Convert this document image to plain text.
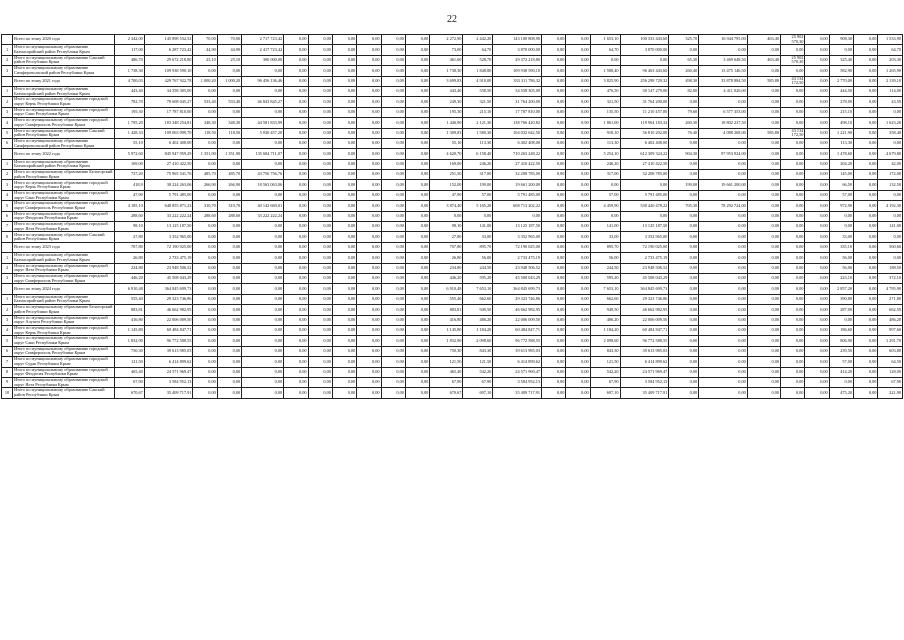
22
	Всего по этапу 2020 года	2 342,00	145 898 532,52	70,00	70,00	2 717 723,42	0,00	0,00	0,00	0,00	0,00	0,00	2 272,90	2 442,20	143 180 808,90	0,00	0,00	1 653,10	100 333 443,60	325,70	16 944 795,00	463,40	25 902 570,30	0,00	908,30	0,00	1 533,90
1	Итого по муниципальному образованию Бахчисарайский район Республики Крым	117,00	6 287 723,42	44,90	44,90	2 417 723,42	0,00	0,00	0,00	0,00	0,00	0,00	73,00	64,70	3 870 000,00	0,00	0,00	64,70	3 870 000,00	0,00	0,00	0,00	0,00	0,00	0,00	0,00	64,70
2	Итого по муниципальному образованию Сакский район Республики Крым	486,70	29 672 218,80	25,10	25,10	300 000,00	0,00	0,00	0,00	0,00	0,00	0,00	461,60	528,70	29 372 218,80	0,00	0,00	0,00	0,00	65,30	3 469 648,50	463,40	25 902 570,30	0,00	325,40	0,00	203,30
3	Итого по муниципальному образованию Симферопольский район Республики Крым	1 738,30	109 938 590,10	0,00	0,00	0,00	0,00	0,00	0,00	0,00	0,00	0,00	1 738,30	1 848,80	109 938 590,10	0,00	0,00	1 588,40	96 463 443,60	260,40	13 475 146,50	0,00	0,00	0,00	582,90	0,00	1 265,90
	Всего по этапу 2021 года	4 700,03	429 767 922,78	1 000,20	1 000,20	96 456 136,46	0,00	0,00	0,00	0,00	0,00	0,00	3 699,83	4 910,00	333 311 786,32	0,00	0,00	3 825,90	256 298 729,32	498,30	33 878 884,50	585,80	43 134 172,50	0,00	2 770,00	0,00	2 139,10
1	Итого по муниципальному образованию Бахчисарайский район Республики Крым	443,40	34 558 305,00	0,00	0,00	0,00	0,00	0,00	0,00	0,00	0,00	0,00	443,40	558,50	34 558 305,00	0,00	0,00	476,50	30 147 279,00	82,00	4 411 026,00	0,00	0,00	0,00	444,50	0,00	114,00
2	Итого по муниципальному образованию городской округ Керчь Республики Крым	782,70	78 608 045,27	533,40	533,40	46 843 845,27	0,00	0,00	0,00	0,00	0,00	0,00	249,30	321,50	31 764 200,00	0,00	0,00	321,50	31 764 200,00	0,00	0,00	0,00	0,00	0,00	278,00	0,00	43,50
3	Итого по муниципальному образованию городской округ Саки Республики Крым	195,30	17 787 810,00	0,00	0,00	0,00	0,00	0,00	0,00	0,00	0,00	0,00	195,30	215,10	17 787 810,00	0,00	0,00	135,50	11 210 457,00	79,60	6 577 353,00	0,00	0,00	0,00	215,10	0,00	0,00
4	Итого по муниципальному образованию городской округ Симферополь Республики Крым	1 795,20	183 348 254,81	348,30	348,30	44 581 833,99	0,00	0,00	0,00	0,00	0,00	0,00	1 446,90	2 121,30	138 766 420,82	0,00	0,90	1 861,00	119 964 183,32	260,30	18 802 237,50	0,00	0,00	0,00	498,10	0,00	1 623,20
5	Итого по муниципальному образованию Сакский район Республики Крым	1 428,33	109 063 099,70	118,50	118,50	5 030 457,20	0,00	0,00	0,00	0,00	0,00	0,00	1 309,83	1 580,30	104 032 642,50	0,00	0,00	918,10	56 810 202,00	76,40	4 088 268,00	585,80	43 134 172,50	0,00	1 221,90	0,00	358,40
6	Итого по муниципальному образованию Симферопольский район Республики Крым	55,10	6 402 408,00	0,00	0,00	0,00	0,00	0,00	0,00	0,00	0,00	0,00	55,10	113,30	6 402 408,00	0,00	0,00	113,30	6 402 408,00	0,00	0,00	0,00	0,00	0,00	113,30	0,00	0,00
	Всего по этапу 2022 года	5 972,60	845 947 959,29	1 351,90	1 351,90	135 684 711,07	0,00	0,00	0,00	0,00	0,00	0,00	4 620,70	6 158,40	710 263 248,22	0,00	0,00	5 254,10	612 309 324,22	904,30	97 953 924,00	0,00	0,00	0,00	1 478,60	0,00	4 679,80
1	Итого по муниципальному образованию Бахчисарайский район Республики Крым	169,00	27 410 422,50	0,00	0,00	0,00	0,00	0,00	0,00	0,00	0,00	0,00	169,00	246,20	27 410 422,50	0,00	0,00	246,20	27 410 422,50	0,00	0,00	0,00	0,00	0,00	204,20	0,00	42,00
2	Итого по муниципальному образованию Белогорский район Республики Крым	737,20	75 965 541,76	485,70	485,70	43 756 756,76	0,00	0,00	0,00	0,00	0,00	0,00	251,50	317,00	32 208 785,00	0,00	0,00	317,00	32 208 785,00	0,00	0,00	0,00	0,00	0,00	145,00	0,00	172,00
3	Итого по муниципальному образованию городской округ Керчь Республики Крым	418,9	38 224 263,06	266,90	266,90	18 563 063,06	0,00	0,00	0,00	0,00	0,00	0,00	152,00	199,00	19 661 200,00	0,00	0,00	0,00	0,00	199,00	19 661 200,00	0,00	0,00	0,00	66,50	0,00	132,50
4	Итого по муниципальному образованию городской округ Саки Республики Крым	47,90	5 791 485,00	0,00	0,00	0,00	0,00	0,00	0,00	0,00	0,00	0,00	47,90	57,00	5 791 485,00	0,00	0,00	57,00	5 791 485,00	0,00	0,00	0,00	0,00	0,00	57,00	0,00	0,00
5	Итого по муниципальному образованию городской округ Симферополь Республики Крым	4 185,10	648 855 871,23	310,70	310,70	40 142 669,01	0,00	0,00	0,00	0,00	0,00	0,00	3 874,40	5 165,20	608 713 202,22	0,00	0,00	4 459,90	530 420 478,22	705,30	78 292 724,00	0,00	0,00	0,00	972,90	0,00	4 192,30
6	Итого по муниципальному образованию городской округ Феодосия Республики Крым	288,60	33 222 222,24	288,60	288,60	33 222 222,24	0,00	0,00	0,00	0,00	0,00	0,00	0,00	0,00	0,00	0,00	0,00	0,00	0,00	0,00	0,00	0,00	0,00	0,00	0,00	0,00	0,00
7	Итого по муниципальному образованию городской округ Ялта Республики Крым	98,10	13 125 187,50	0,00	0,00	0,00	0,00	0,00	0,00	0,00	0,00	0,00	98,10	141,00	13 125 187,50	0,00	0,00	141,00	13 125 187,50	0,00	0,00	0,00	0,00	0,00	0,00	0,00	141,00
8	Итого по муниципальному образованию Сакский район Республики Крым	27,80	3 352 965,00	0,00	0,00	0,00	0,00	0,00	0,00	0,00	0,00	0,00	27,80	33,00	3 352 965,00	0,00	0,00	33,00	3 352 965,00	0,00	0,00	0,00	0,00	0,00	33,00	0,00	0,00
	Всего по этапу 2023 года	707,80	72 190 025,00	0,00	0,00	0,00	0,00	0,00	0,00	0,00	0,00	0,00	707,80	895,70	72 190 025,00	0,00	0,00	895,70	72 190 025,00	0,00	0,00	0,00	0,00	0,00	335,10	0,00	560,60
1	Итого по муниципальному образованию Бахчисарайский район Республики Крым	26,80	2 733 475,19	0,00	0,00	0,00	0,00	0,00	0,00	0,00	0,00	0,00	26,80	56,00	2 733 475,19	0,00	0,00	56,00	2 733 475,19	0,00	0,00	0,00	0,00	0,00	56,00	0,00	0,00
2	Итого по муниципальному образованию городской округ Ялта Республики Крым	234,80	23 948 506,52	0,00	0,00	0,00	0,00	0,00	0,00	0,00	0,00	0,00	234,80	244,50	23 948 506,52	0,00	0,00	244,50	23 948 506,52	0,00	0,00	0,00	0,00	0,00	56,00	0,00	188,50
3	Итого по муниципальному образованию городской округ Симферополь Республики Крым	446,20	45 508 043,29	0,00	0,00	0,00	0,00	0,00	0,00	0,00	0,00	0,00	446,20	595,20	45 508 043,29	0,00	0,00	595,20	45 508 043,29	0,00	0,00	0,00	0,00	0,00	223,10	0,00	372,10
	Всего по этапу 2024 года	6 910,48	364 845 699,73	0,00	0,00	0,00	0,00	0,00	0,00	0,00	0,00	0,00	6 910,48	7 653,10	364 845 699,73	0,00	0,00	7 653,10	364 845 699,73	0,00	0,00	0,00	0,00	0,00	2 857,20	0,00	4 795,90
1	Итого по муниципальному образованию Бахчисарайский район Республики Крым	555,40	29 323 746,86	0,00	0,00	0,00	0,00	0,00	0,00	0,00	0,00	0,00	555,40	662,60	29 323 746,86	0,00	0,00	662,60	29 323 746,86	0,00	0,00	0,00	0,00	0,00	390,80	0,00	271,80
2	Итого по муниципальному образованию Белогорский район Республики Крым	883,81	46 662 982,95	0,00	0,00	0,00	0,00	0,00	0,00	0,00	0,00	0,00	883,81	949,50	46 662 982,95	0,00	0,00	949,50	46 662 982,95	0,00	0,00	0,00	0,00	0,00	287,00	0,00	662,50
3	Итого по муниципальному образованию городской округ Алушта Республики Крым	416,80	22 006 009,50	0,00	0,00	0,00	0,00	0,00	0,00	0,00	0,00	0,00	416,80	486,20	22 006 009,50	0,00	0,00	486,20	22 006 009,50	0,00	0,00	0,00	0,00	0,00	0,00	0,00	486,20
4	Итого по муниципальному образованию городской округ Керчь Республики Крым	1 145,80	60 484 847,71	0,00	0,00	0,00	0,00	0,00	0,00	0,00	0,00	0,00	1 145,80	1 184,20	60 484 847,71	0,00	0,00	1 184,20	60 484 847,71	0,00	0,00	0,00	0,00	0,00	186,60	0,00	997,60
5	Итого по муниципальному образованию городской округ Саки Республики Крым	1 832,90	96 772 588,55	0,00	0,00	0,00	0,00	0,00	0,00	0,00	0,00	0,00	1 832,90	2 098,60	96 772 588,55	0,00	0,00	2 098,60	96 772 588,55	0,00	0,00	0,00	0,00	0,00	806,90	0,00	1 291,70
6	Итого по муниципальному образованию городской округ Симферополь Республики Крым	750,30	39 613 985,03	0,00	0,00	0,00	0,00	0,00	0,00	0,00	0,00	0,00	750,30	843,30	39 613 985,03	0,00	0,00	843,30	39 613 985,03	0,00	0,00	0,00	0,00	0,00	239,50	0,00	603,80
7	Итого по муниципальному образованию городской округ Судак Республики Крым	121,50	6 414 899,62	0,00	0,00	0,00	0,00	0,00	0,00	0,00	0,00	0,00	121,50	121,50	6 414 899,62	0,00	0,00	121,50	6 414 899,62	0,00	0,00	0,00	0,00	0,00	57,00	0,00	64,50
8	Итого по муниципальному образованию городской округ Феодосия Республики Крым	465,40	24 571 969,47	0,00	0,00	0,00	0,00	0,00	0,00	0,00	0,00	0,00	465,40	542,20	24 571 969,47	0,00	0,00	542,20	24 571 969,47	0,00	0,00	0,00	0,00	0,00	414,20	0,00	128,00
9	Итого по муниципальному образованию городской округ Ялта Республики Крым	67,90	3 584 952,13	0,00	0,00	0,00	0,00	0,00	0,00	0,00	0,00	0,00	67,90	67,90	3 584 952,13	0,00	0,00	67,90	3 584 952,13	0,00	0,00	0,00	0,00	0,00	0,00	0,00	67,90
10	Итого по муниципальному образованию Сакский район Республики Крым	670,67	35 409 717,91	0,00	0,00	0,00	0,00	0,00	0,00	0,00	0,00	0,00	670,67	697,10	35 409 717,91	0,00	0,00	697,10	35 409 717,91	0,00	0,00	0,00	0,00	0,00	475,20	0,00	221,90
